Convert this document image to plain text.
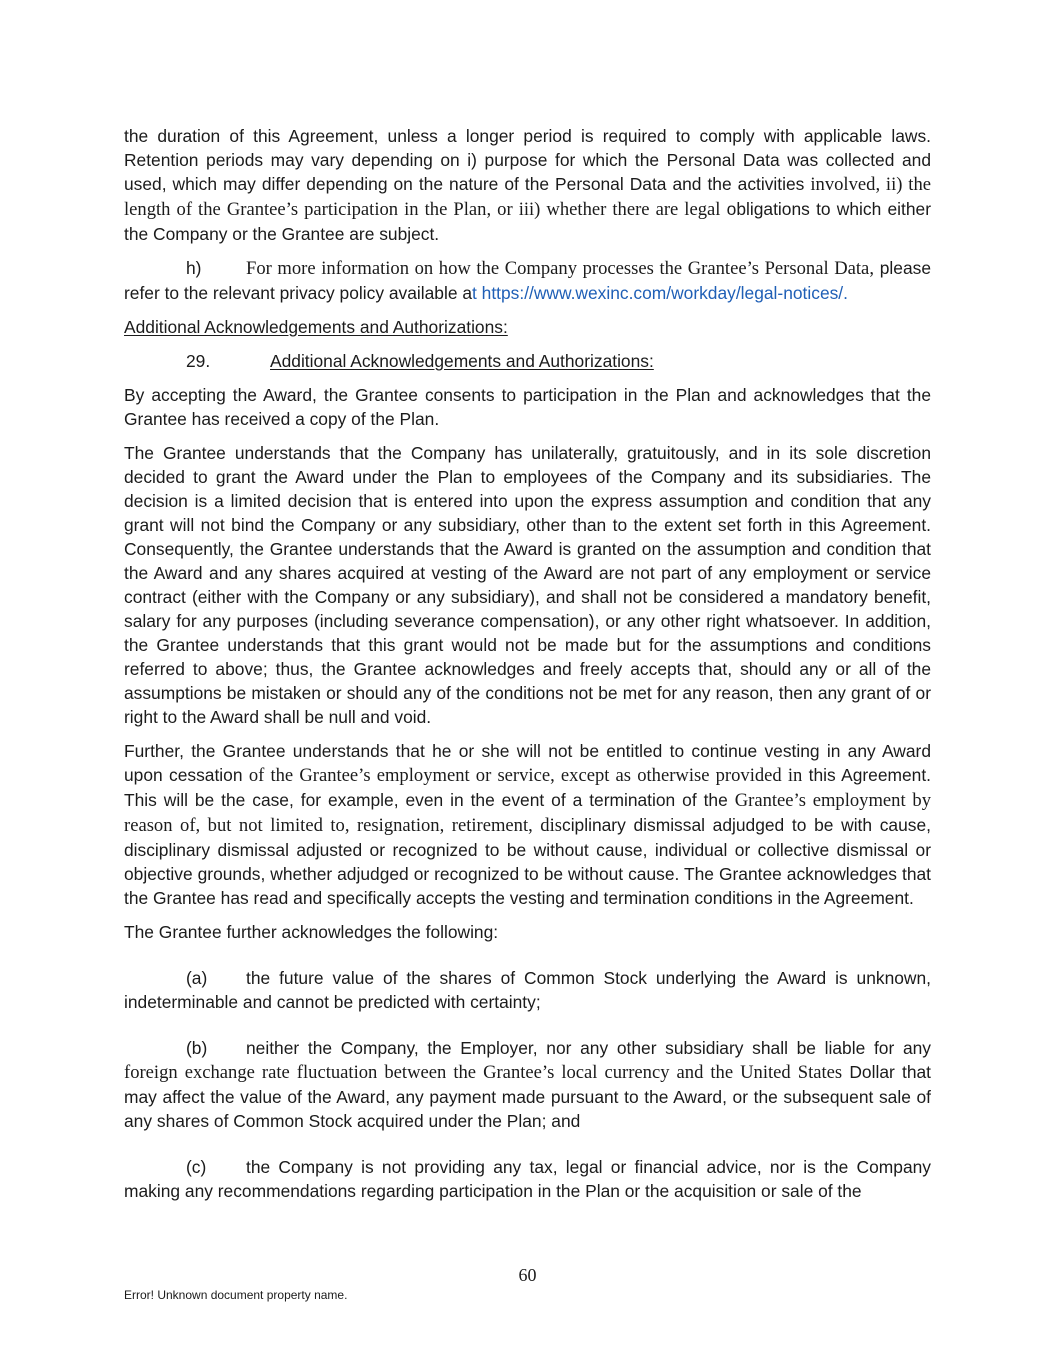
the duration of this Agreement, unless a longer period is required to comply with applicable laws. Retention periods may vary depending on i) purpose for which the Personal Data was collected and used, which may differ depending on the nature of the Personal Data and the activities involved, ii) the length of the Grantee’s participation in the Plan, or iii) whether there are legal obligations to which either the Company or the Grantee are subject.

h) For more information on how the Company processes the Grantee’s Personal Data, please refer to the relevant privacy policy available at https://www.wexinc.com/workday/legal-notices/.

Additional Acknowledgements and Authorizations:

29.	Additional Acknowledgements and Authorizations:

By accepting the Award, the Grantee consents to participation in the Plan and acknowledges that the Grantee has received a copy of the Plan.

The Grantee understands that the Company has unilaterally, gratuitously, and in its sole discretion decided to grant the Award under the Plan to employees of the Company and its subsidiaries. The decision is a limited decision that is entered into upon the express assumption and condition that any grant will not bind the Company or any subsidiary, other than to the extent set forth in this Agreement. Consequently, the Grantee understands that the Award is granted on the assumption and condition that the Award and any shares acquired at vesting of the Award are not part of any employment or service contract (either with the Company or any subsidiary), and shall not be considered a mandatory benefit, salary for any purposes (including severance compensation), or any other right whatsoever. In addition, the Grantee understands that this grant would not be made but for the assumptions and conditions referred to above; thus, the Grantee acknowledges and freely accepts that, should any or all of the assumptions be mistaken or should any of the conditions not be met for any reason, then any grant of or right to the Award shall be null and void.

Further, the Grantee understands that he or she will not be entitled to continue vesting in any Award upon cessation of the Grantee’s employment or service, except as otherwise provided in this Agreement. This will be the case, for example, even in the event of a termination of the Grantee’s employment by reason of, but not limited to, resignation, retirement, disciplinary dismissal adjudged to be with cause, disciplinary dismissal adjusted or recognized to be without cause, individual or collective dismissal or objective grounds, whether adjudged or recognized to be without cause. The Grantee acknowledges that the Grantee has read and specifically accepts the vesting and termination conditions in the Agreement.

The Grantee further acknowledges the following:

(a) the future value of the shares of Common Stock underlying the Award is unknown, indeterminable and cannot be predicted with certainty;

(b) neither the Company, the Employer, nor any other subsidiary shall be liable for any foreign exchange rate fluctuation between the Grantee’s local currency and the United States Dollar that may affect the value of the Award, any payment made pursuant to the Award, or the subsequent sale of any shares of Common Stock acquired under the Plan; and

(c) the Company is not providing any tax, legal or financial advice, nor is the Company making any recommendations regarding participation in the Plan or the acquisition or sale of the

60
Error! Unknown document property name.
